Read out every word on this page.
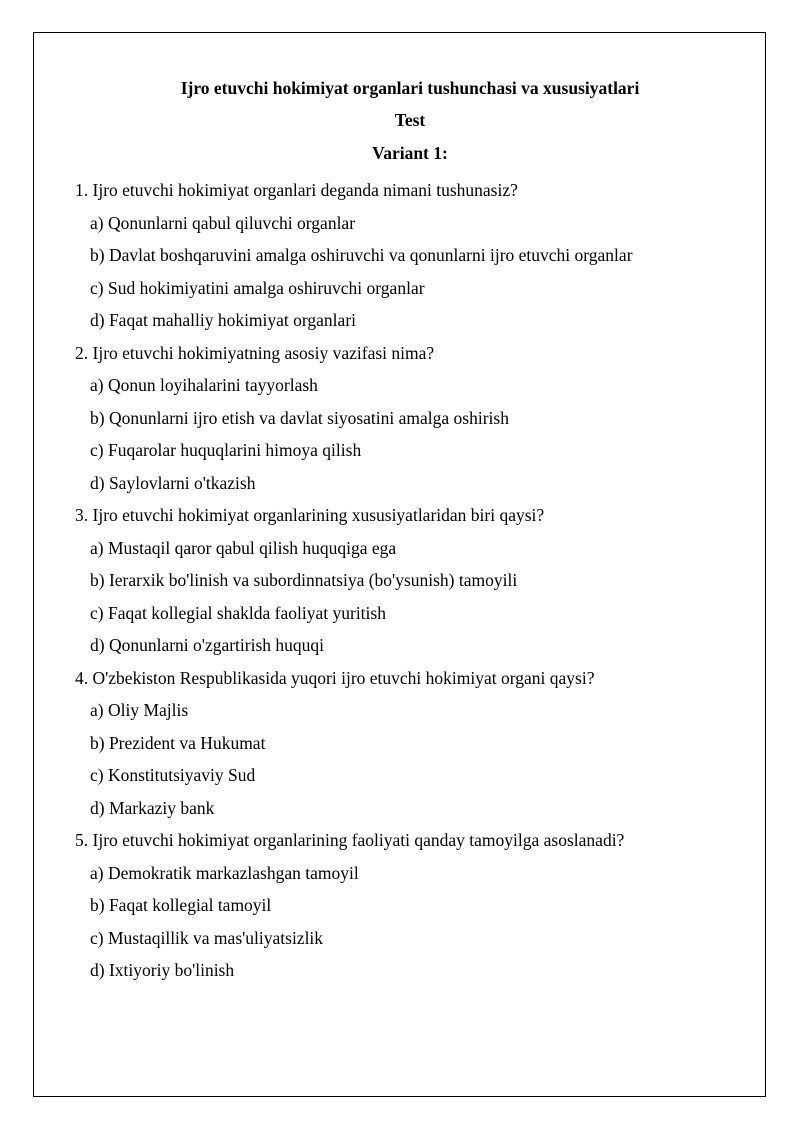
Ijro etuvchi hokimiyat organlari tushunchasi va xususiyatlari
Test
Variant 1:
1. Ijro etuvchi hokimiyat organlari deganda nimani tushunasiz?
a) Qonunlarni qabul qiluvchi organlar
b) Davlat boshqaruvini amalga oshiruvchi va qonunlarni ijro etuvchi organlar
c) Sud hokimiyatini amalga oshiruvchi organlar
d) Faqat mahalliy hokimiyat organlari
2. Ijro etuvchi hokimiyatning asosiy vazifasi nima?
a) Qonun loyihalarini tayyorlash
b) Qonunlarni ijro etish va davlat siyosatini amalga oshirish
c) Fuqarolar huquqlarini himoya qilish
d) Saylovlarni o'tkazish
3. Ijro etuvchi hokimiyat organlarining xususiyatlaridan biri qaysi?
a) Mustaqil qaror qabul qilish huquqiga ega
b) Ierarxik bo'linish va subordinnatsiya (bo'ysunish) tamoyili
c) Faqat kollegial shaklda faoliyat yuritish
d) Qonunlarni o'zgartirish huquqi
4. O'zbekiston Respublikasida yuqori ijro etuvchi hokimiyat organi qaysi?
a) Oliy Majlis
b) Prezident va Hukumat
c) Konstitutsiyaviy Sud
d) Markaziy bank
5. Ijro etuvchi hokimiyat organlarining faoliyati qanday tamoyilga asoslanadi?
a) Demokratik markazlashgan tamoyil
b) Faqat kollegial tamoyil
c) Mustaqillik va mas'uliyatsizlik
d) Ixtiyoriy bo'linish
